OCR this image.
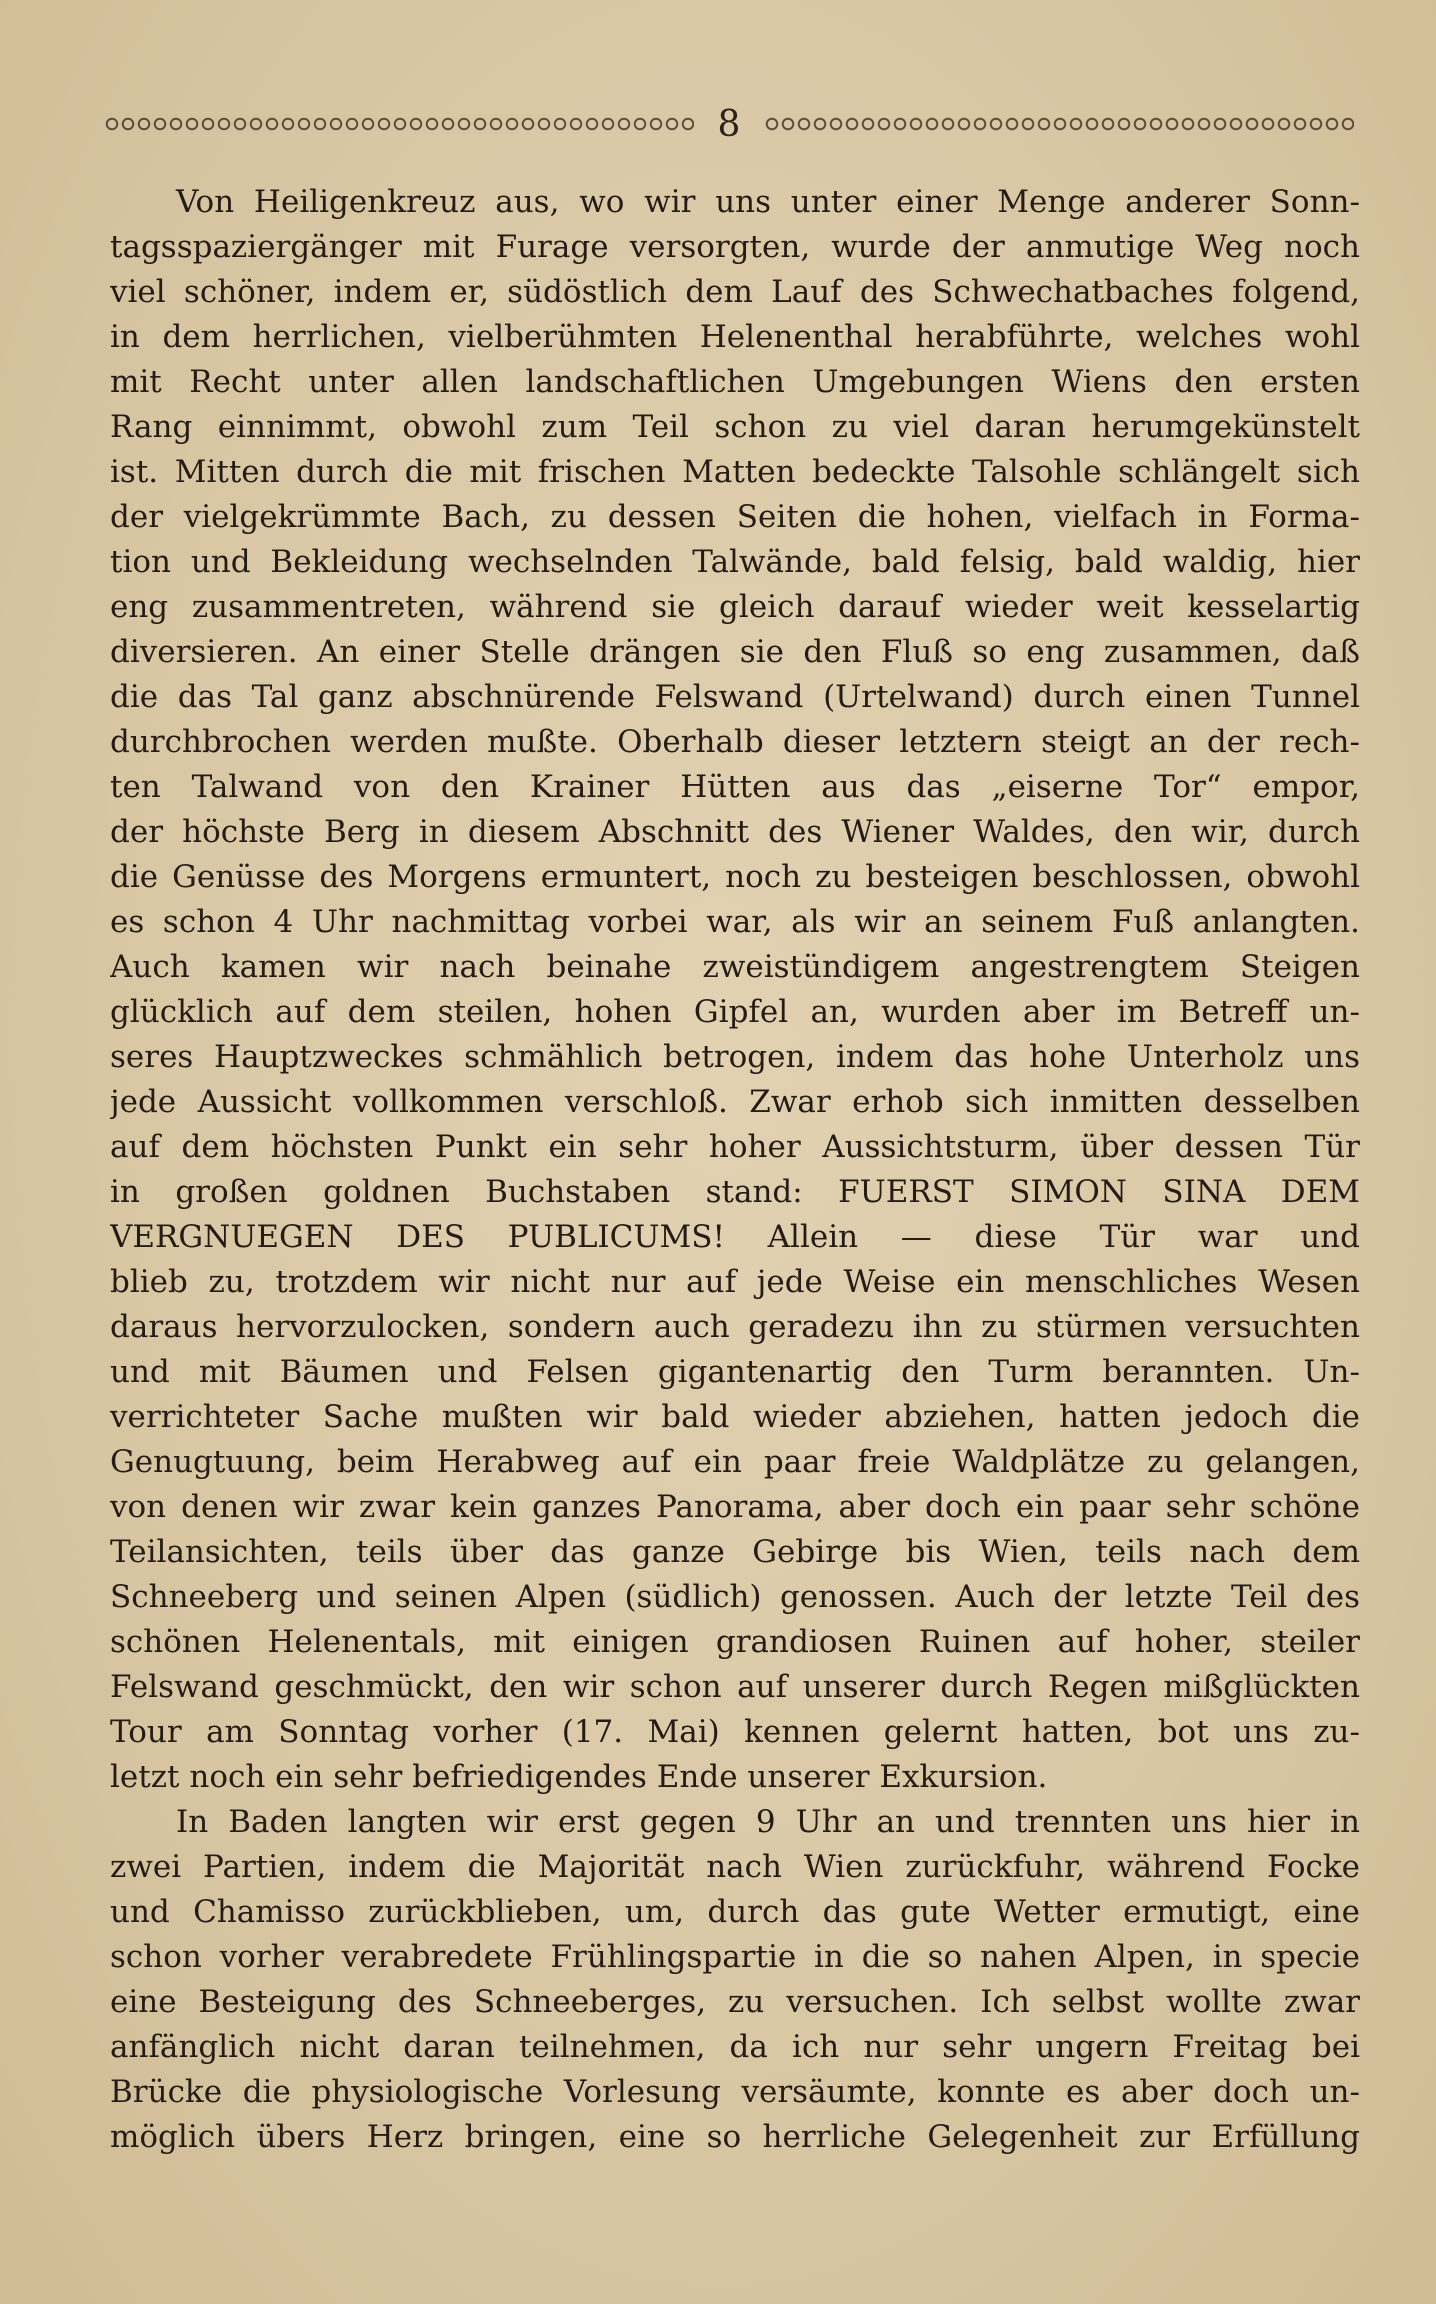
8
Von Heiligenkreuz aus, wo wir uns unter einer Menge anderer Sonn-
tagsspaziergänger mit Furage versorgten, wurde der anmutige Weg noch
viel schöner, indem er, südöstlich dem Lauf des Schwechatbaches folgend,
in dem herrlichen, vielberühmten Helenenthal herabführte, welches wohl
mit Recht unter allen landschaftlichen Umgebungen Wiens den ersten
Rang einnimmt, obwohl zum Teil schon zu viel daran herumgekünstelt
ist. Mitten durch die mit frischen Matten bedeckte Talsohle schlängelt sich
der vielgekrümmte Bach, zu dessen Seiten die hohen, vielfach in Forma-
tion und Bekleidung wechselnden Talwände, bald felsig, bald waldig, hier
eng zusammentreten, während sie gleich darauf wieder weit kesselartig
diversieren. An einer Stelle drängen sie den Fluß so eng zusammen, daß
die das Tal ganz abschnürende Felswand (Urtelwand) durch einen Tunnel
durchbrochen werden mußte. Oberhalb dieser letztern steigt an der rech-
ten Talwand von den Krainer Hütten aus das „eiserne Tor“ empor,
der höchste Berg in diesem Abschnitt des Wiener Waldes, den wir, durch
die Genüsse des Morgens ermuntert, noch zu besteigen beschlossen, obwohl
es schon 4 Uhr nachmittag vorbei war, als wir an seinem Fuß anlangten.
Auch kamen wir nach beinahe zweistündigem angestrengtem Steigen
glücklich auf dem steilen, hohen Gipfel an, wurden aber im Betreff un-
seres Hauptzweckes schmählich betrogen, indem das hohe Unterholz uns
jede Aussicht vollkommen verschloß. Zwar erhob sich inmitten desselben
auf dem höchsten Punkt ein sehr hoher Aussichtsturm, über dessen Tür
in großen goldnen Buchstaben stand: FUERST SIMON SINA DEM
VERGNUEGEN DES PUBLICUMS! Allein — diese Tür war und
blieb zu, trotzdem wir nicht nur auf jede Weise ein menschliches Wesen
daraus hervorzulocken, sondern auch geradezu ihn zu stürmen versuchten
und mit Bäumen und Felsen gigantenartig den Turm berannten. Un-
verrichteter Sache mußten wir bald wieder abziehen, hatten jedoch die
Genugtuung, beim Herabweg auf ein paar freie Waldplätze zu gelangen,
von denen wir zwar kein ganzes Panorama, aber doch ein paar sehr schöne
Teilansichten, teils über das ganze Gebirge bis Wien, teils nach dem
Schneeberg und seinen Alpen (südlich) genossen. Auch der letzte Teil des
schönen Helenentals, mit einigen grandiosen Ruinen auf hoher, steiler
Felswand geschmückt, den wir schon auf unserer durch Regen mißglückten
Tour am Sonntag vorher (17. Mai) kennen gelernt hatten, bot uns zu-
letzt noch ein sehr befriedigendes Ende unserer Exkursion.
In Baden langten wir erst gegen 9 Uhr an und trennten uns hier in
zwei Partien, indem die Majorität nach Wien zurückfuhr, während Focke
und Chamisso zurückblieben, um, durch das gute Wetter ermutigt, eine
schon vorher verabredete Frühlingspartie in die so nahen Alpen, in specie
eine Besteigung des Schneeberges, zu versuchen. Ich selbst wollte zwar
anfänglich nicht daran teilnehmen, da ich nur sehr ungern Freitag bei
Brücke die physiologische Vorlesung versäumte, konnte es aber doch un-
möglich übers Herz bringen, eine so herrliche Gelegenheit zur Erfüllung
